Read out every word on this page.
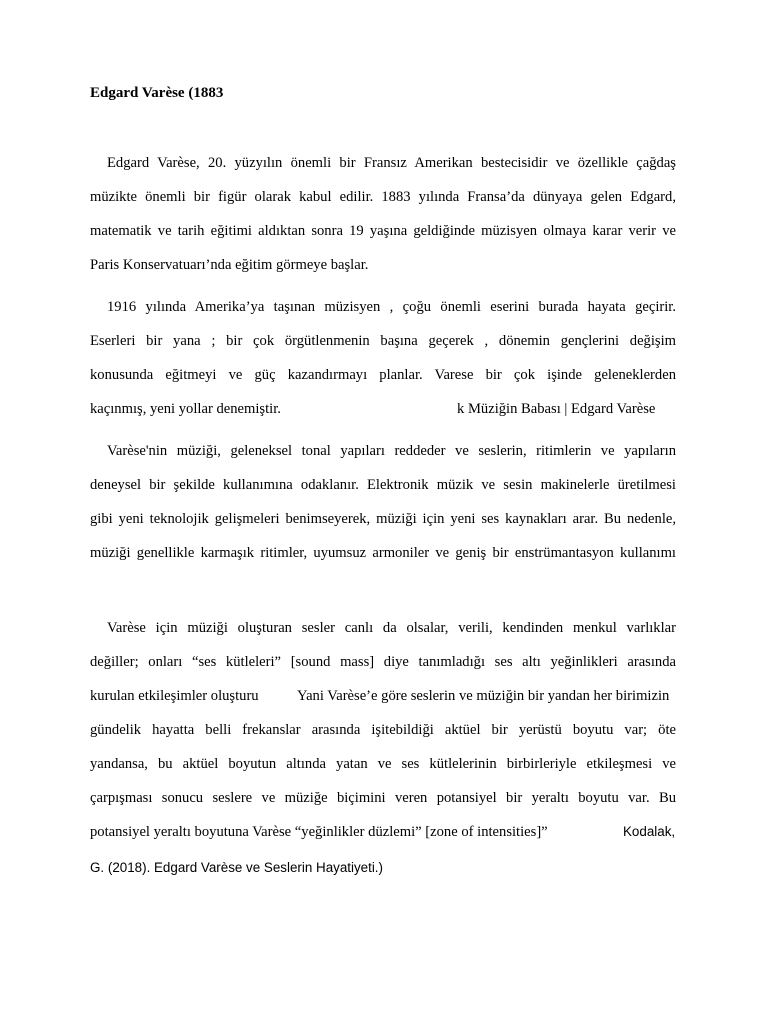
Edgard Varèse (1883
Edgard Varèse, 20. yüzyılın önemli bir Fransız Amerikan bestecisidir ve özellikle çağdaş
müzikte önemli bir figür olarak kabul edilir. 1883 yılında Fransa’da dünyaya gelen Edgard,
matematik ve tarih eğitimi aldıktan sonra 19 yaşına geldiğinde müzisyen olmaya karar verir ve
Paris Konservatuarı’nda eğitim görmeye başlar.
1916 yılında Amerika’ya taşınan müzisyen , çoğu önemli eserini burada hayata geçirir.
Eserleri bir yana ; bir çok örgütlenmenin başına geçerek , dönemin gençlerini değişim
konusunda eğitmeyi ve güç kazandırmayı planlar. Varese bir çok işinde geleneklerden
kaçınmış, yeni yollar denemiştir.	k Müziğin Babası | Edgard Varèse
Varèse'nin müziği, geleneksel tonal yapıları reddeder ve seslerin, ritimlerin ve yapıların
deneysel bir şekilde kullanımına odaklanır. Elektronik müzik ve sesin makinelerle üretilmesi
gibi yeni teknolojik gelişmeleri benimseyerek, müziği için yeni ses kaynakları arar. Bu nedenle,
müziği genellikle karmaşık ritimler, uyumsuz armoniler ve geniş bir enstrümantasyon kullanımı
Varèse için müziği oluşturan sesler canlı da olsalar, verili, kendinden menkul varlıklar
değiller; onları “ses kütleleri” [sound mass] diye tanımladığı ses altı yeğinlikleri arasında
kurulan etkileşimler oluşturu	Yani Varèse’e göre seslerin ve müziğin bir yandan her birimizin
gündelik hayatta belli frekanslar arasında işitebildiği aktüel bir yerüstü boyutu var; öte
yandansa, bu aktüel boyutun altında yatan ve ses kütlelerinin birbirleriyle etkileşmesi ve
çarpışması sonucu seslere ve müziğe biçimini veren potansiyel bir yeraltı boyutu var. Bu
potansiyel yeraltı boyutuna Varèse “yeğinlikler düzlemi” [zone of intensities]”	Kodalak,
G. (2018). Edgard Varèse ve Seslerin Hayatiyeti.)
